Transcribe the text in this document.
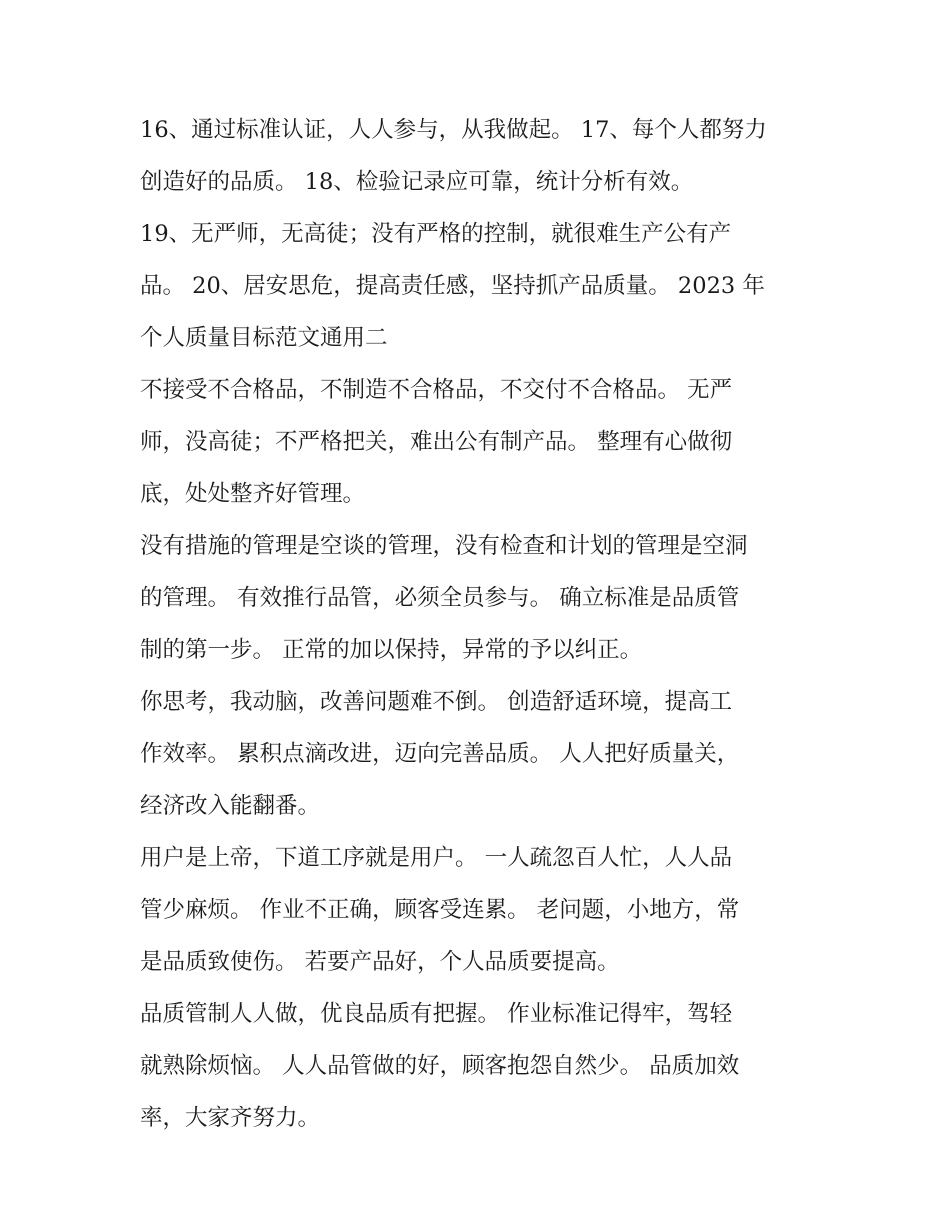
16、通过标准认证，人人参与，从我做起。 17、每个人都努力
创造好的品质。 18、检验记录应可靠，统计分析有效。

19、无严师，无高徒；没有严格的控制，就很难生产公有产
品。 20、居安思危，提高责任感，坚持抓产品质量。 2023 年
个人质量目标范文通用二

不接受不合格品，不制造不合格品，不交付不合格品。 无严
师，没高徒；不严格把关，难出公有制产品。 整理有心做彻
底，处处整齐好管理。

没有措施的管理是空谈的管理，没有检查和计划的管理是空洞
的管理。 有效推行品管，必须全员参与。 确立标准是品质管
制的第一步。 正常的加以保持，异常的予以纠正。

你思考，我动脑，改善问题难不倒。 创造舒适环境，提高工
作效率。 累积点滴改进，迈向完善品质。 人人把好质量关，
经济改入能翻番。

用户是上帝，下道工序就是用户。 一人疏忽百人忙，人人品
管少麻烦。 作业不正确，顾客受连累。 老问题，小地方，常
是品质致使伤。 若要产品好，个人品质要提高。

品质管制人人做，优良品质有把握。 作业标准记得牢，驾轻
就熟除烦恼。 人人品管做的好，顾客抱怨自然少。 品质加效
率，大家齐努力。
